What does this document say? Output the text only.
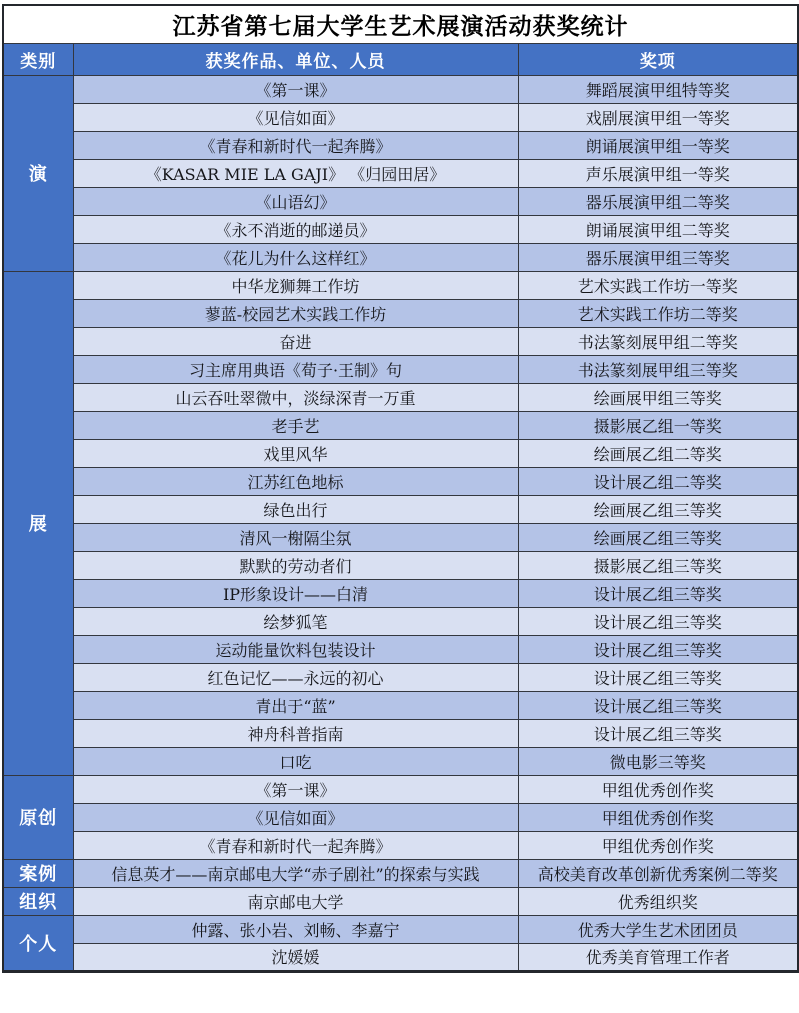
江苏省第七届大学生艺术展演活动获奖统计		
类别	获奖作品、单位、人员	奖项
演	《第一课》	舞蹈展演甲组特等奖
	《见信如面》	戏剧展演甲组一等奖
	《青春和新时代一起奔腾》	朗诵展演甲组一等奖
	《KASAR MIE LA GAJI》 《归园田居》	声乐展演甲组一等奖
	《山语幻》	器乐展演甲组二等奖
	《永不消逝的邮递员》	朗诵展演甲组二等奖
	《花儿为什么这样红》	器乐展演甲组三等奖
展	中华龙狮舞工作坊	艺术实践工作坊一等奖
	蓼蓝-校园艺术实践工作坊	艺术实践工作坊二等奖
	奋进	书法篆刻展甲组二等奖
	习主席用典语《荀子·王制》句	书法篆刻展甲组三等奖
	山云吞吐翠微中，淡绿深青一万重	绘画展甲组三等奖
	老手艺	摄影展乙组一等奖
	戏里风华	绘画展乙组二等奖
	江苏红色地标	设计展乙组二等奖
	绿色出行	绘画展乙组三等奖
	清风一榭隔尘氛	绘画展乙组三等奖
	默默的劳动者们	摄影展乙组三等奖
	IP形象设计——白清	设计展乙组三等奖
	绘梦狐笔	设计展乙组三等奖
	运动能量饮料包装设计	设计展乙组三等奖
	红色记忆——永远的初心	设计展乙组三等奖
	青出于“蓝”	设计展乙组三等奖
	神舟科普指南	设计展乙组三等奖
	口吃	微电影三等奖
原创	《第一课》	甲组优秀创作奖
	《见信如面》	甲组优秀创作奖
	《青春和新时代一起奔腾》	甲组优秀创作奖
案例	信息英才——南京邮电大学“赤子剧社”的探索与实践	高校美育改革创新优秀案例二等奖
组织	南京邮电大学	优秀组织奖
个人	仲露、张小岩、刘畅、李嘉宁	优秀大学生艺术团团员
	沈媛媛	优秀美育管理工作者
